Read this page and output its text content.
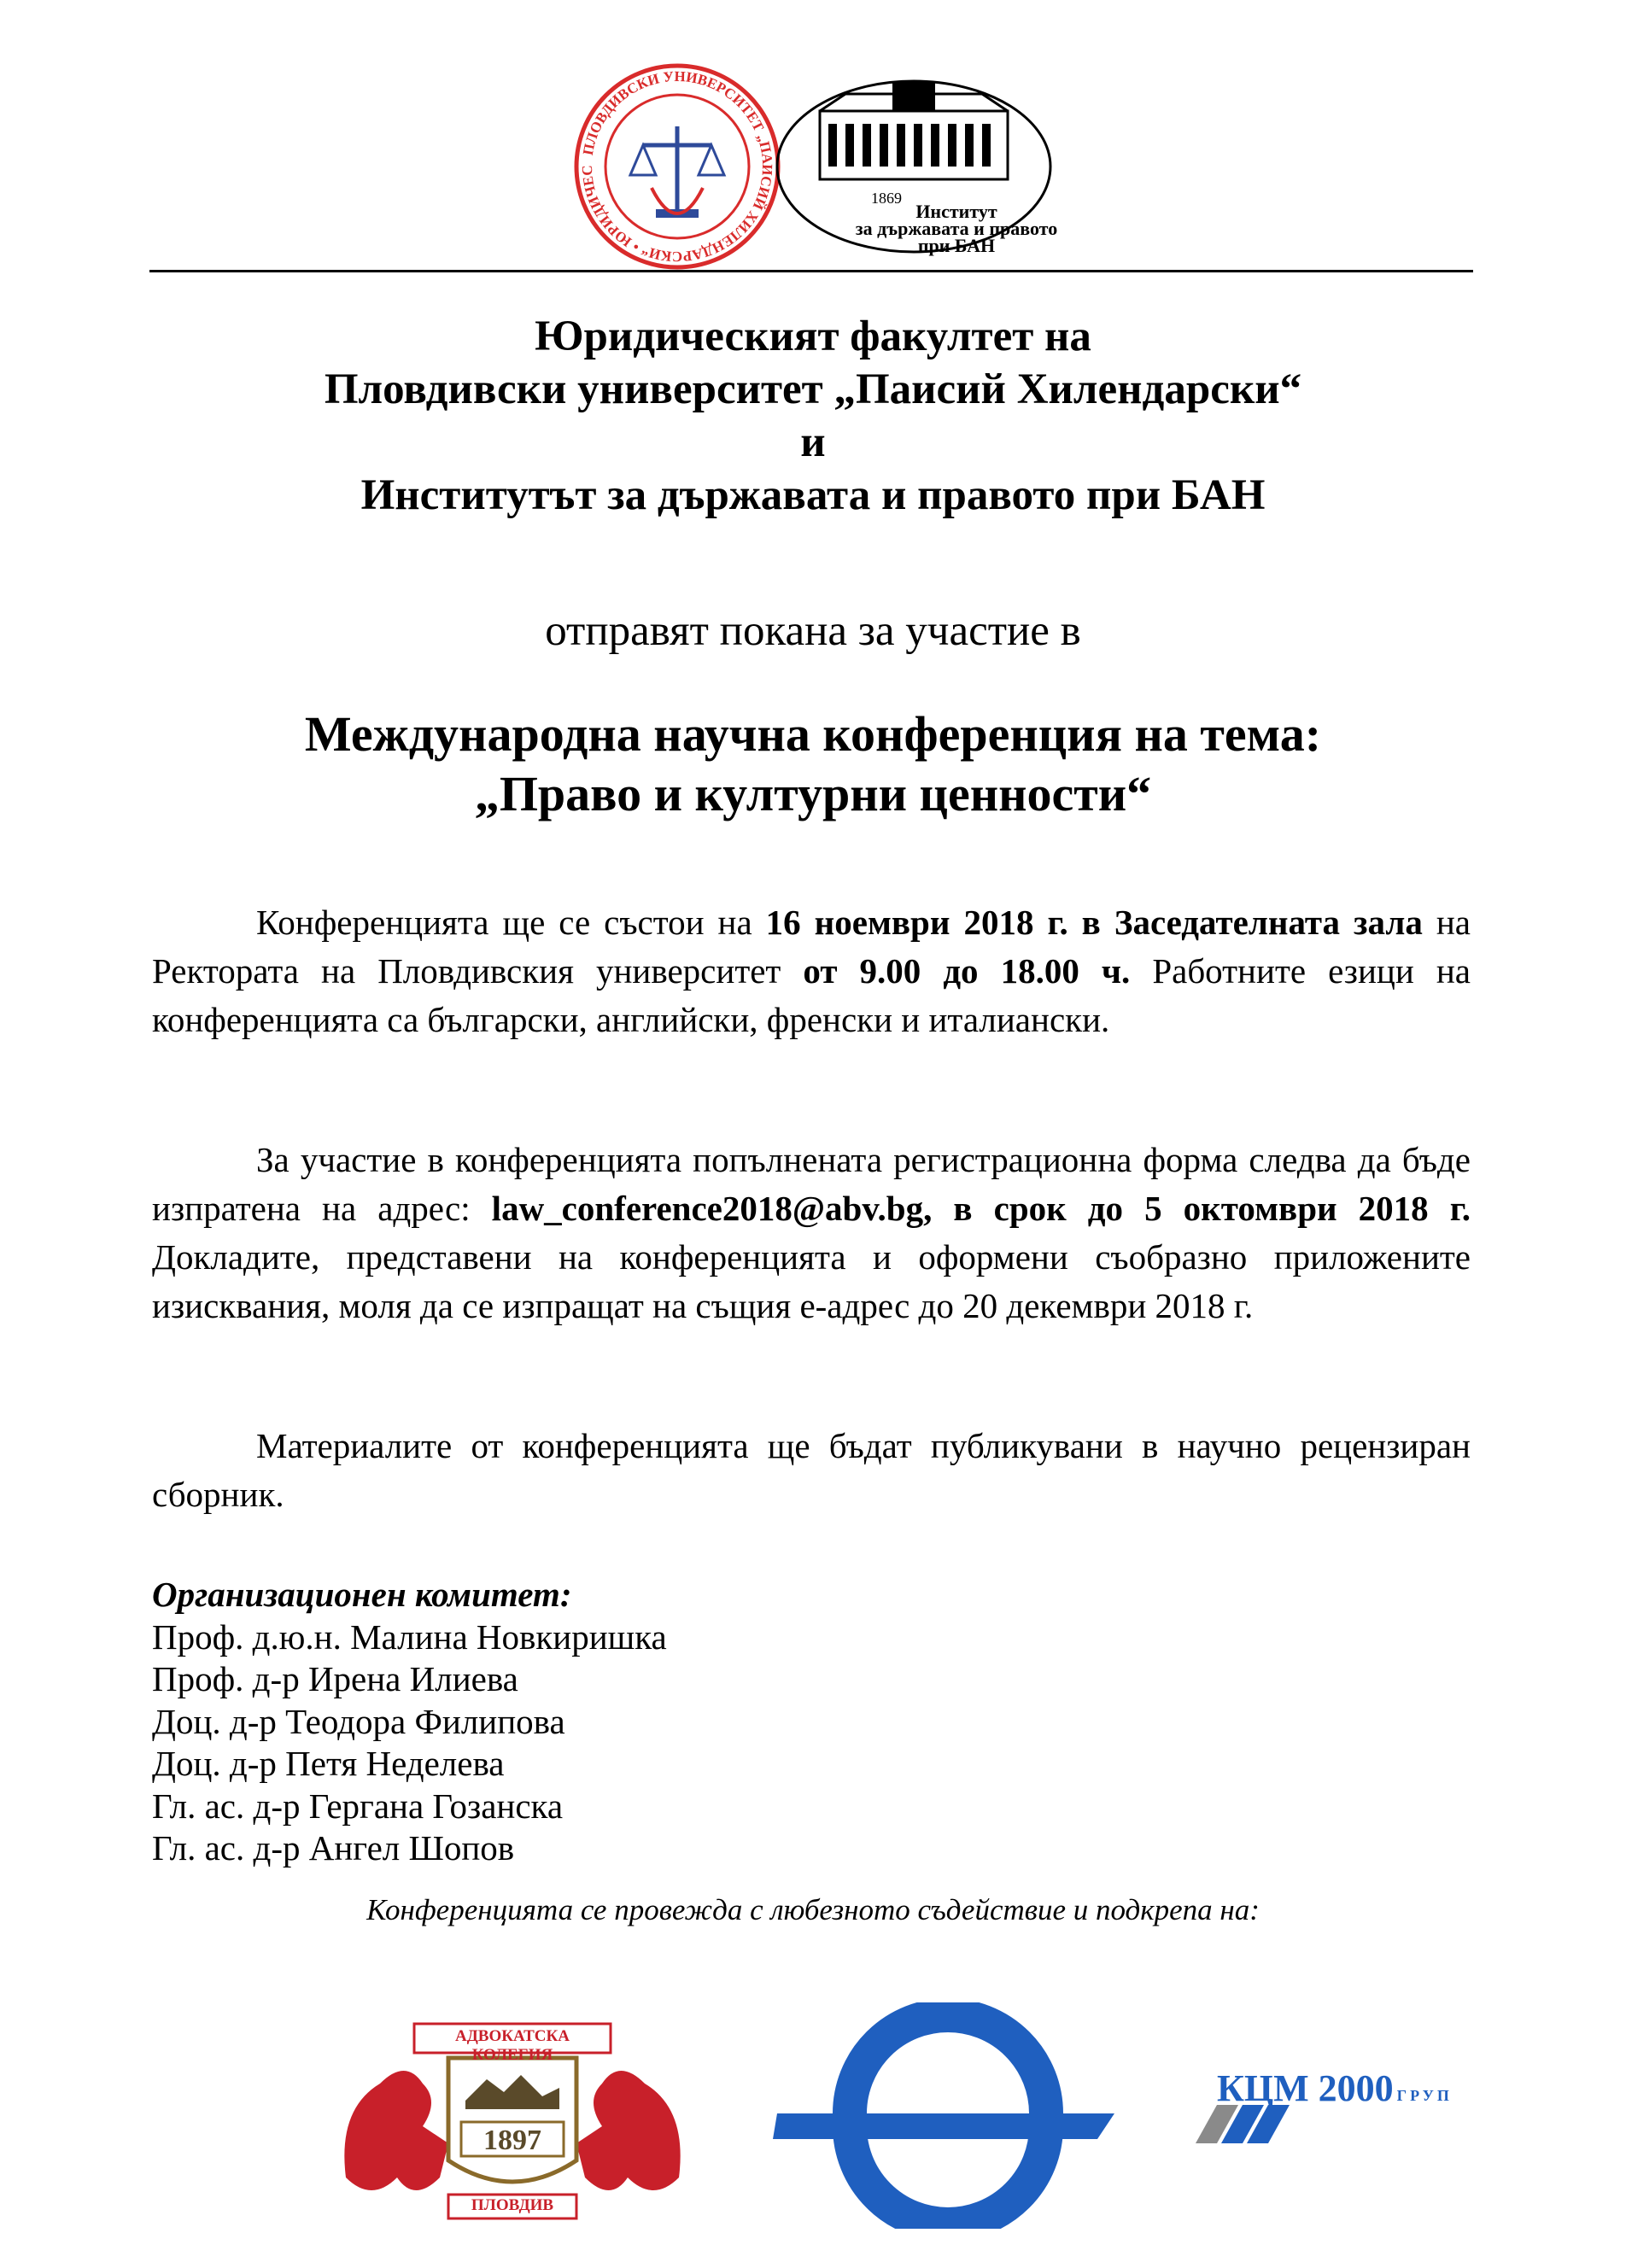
ПЛОВДИВСКИ УНИВЕРСИТЕТ „ПАИСИЙ ХИЛЕНДАРСКИ“ • ЮРИДИЧЕС
1869
Институт
за държавата и правото
при БАН
Юридическият факултет на
Пловдивски университет „Паисий Хилендарски“
и
Институтът за държавата и правото при БАН
отправят покана за участие в
Международна научна конференция на тема:
„Право и културни ценности“
Конференцията ще се състои на 16 ноември 2018 г. в Заседателната зала на Ректората на Пловдивския университет от 9.00 до 18.00 ч. Работните езици на конференцията са български, английски, френски и италиански.
За участие в конференцията попълнената регистрационна форма следва да бъде изпратена на адрес: law_conference2018@abv.bg, в срок до 5 октомври 2018 г. Докладите, представени на конференцията и оформени съобразно приложените изисквания, моля да се изпращат на същия е-адрес до 20 декември 2018 г.
Материалите от конференцията ще бъдат публикувани в научно рецензиран сборник.
Организационен комитет:
Проф. д.ю.н. Малина Новкиришка
Проф. д-р Ирена Илиева
Доц. д-р Теодора Филипова
Доц. д-р Петя Неделева
Гл. ас. д-р Гергана Гозанска
Гл. ас. д-р Ангел Шопов
Конференцията се провежда с любезното съдействие и подкрепа на:
АДВОКАТСКА КОЛЕГИЯ
1897
ПЛОВДИВ
КЦМ 2000 ГРУП
